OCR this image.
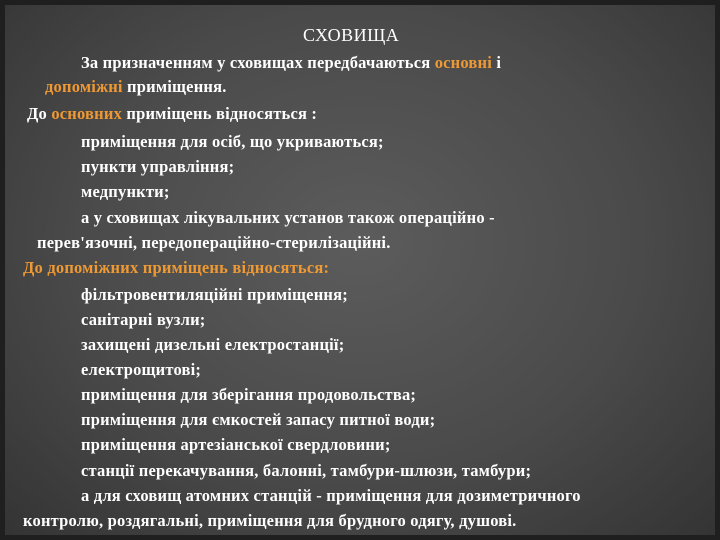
СХОВИЩА
За призначенням у сховищах передбачаються основні і
допоміжні приміщення.
До основних приміщень відносяться :
приміщення для осіб, що укриваються;
пункти управління;
медпункти;
а у сховищах лікувальних установ також операційно -
перев'язочні, передопераційно-стерилізаційні.
До допоміжних приміщень відносяться:
фільтровентиляційні приміщення;
санітарні вузли;
захищені дизельні електростанції;
електрощитові;
приміщення для зберігання продовольства;
приміщення для ємкостей запасу питної води;
приміщення артезіанської свердловини;
станції перекачування, балонні, тамбури-шлюзи, тамбури;
а для сховищ атомних станцій - приміщення для дозиметричного
контролю, роздягальні, приміщення для брудного одягу, душові.
